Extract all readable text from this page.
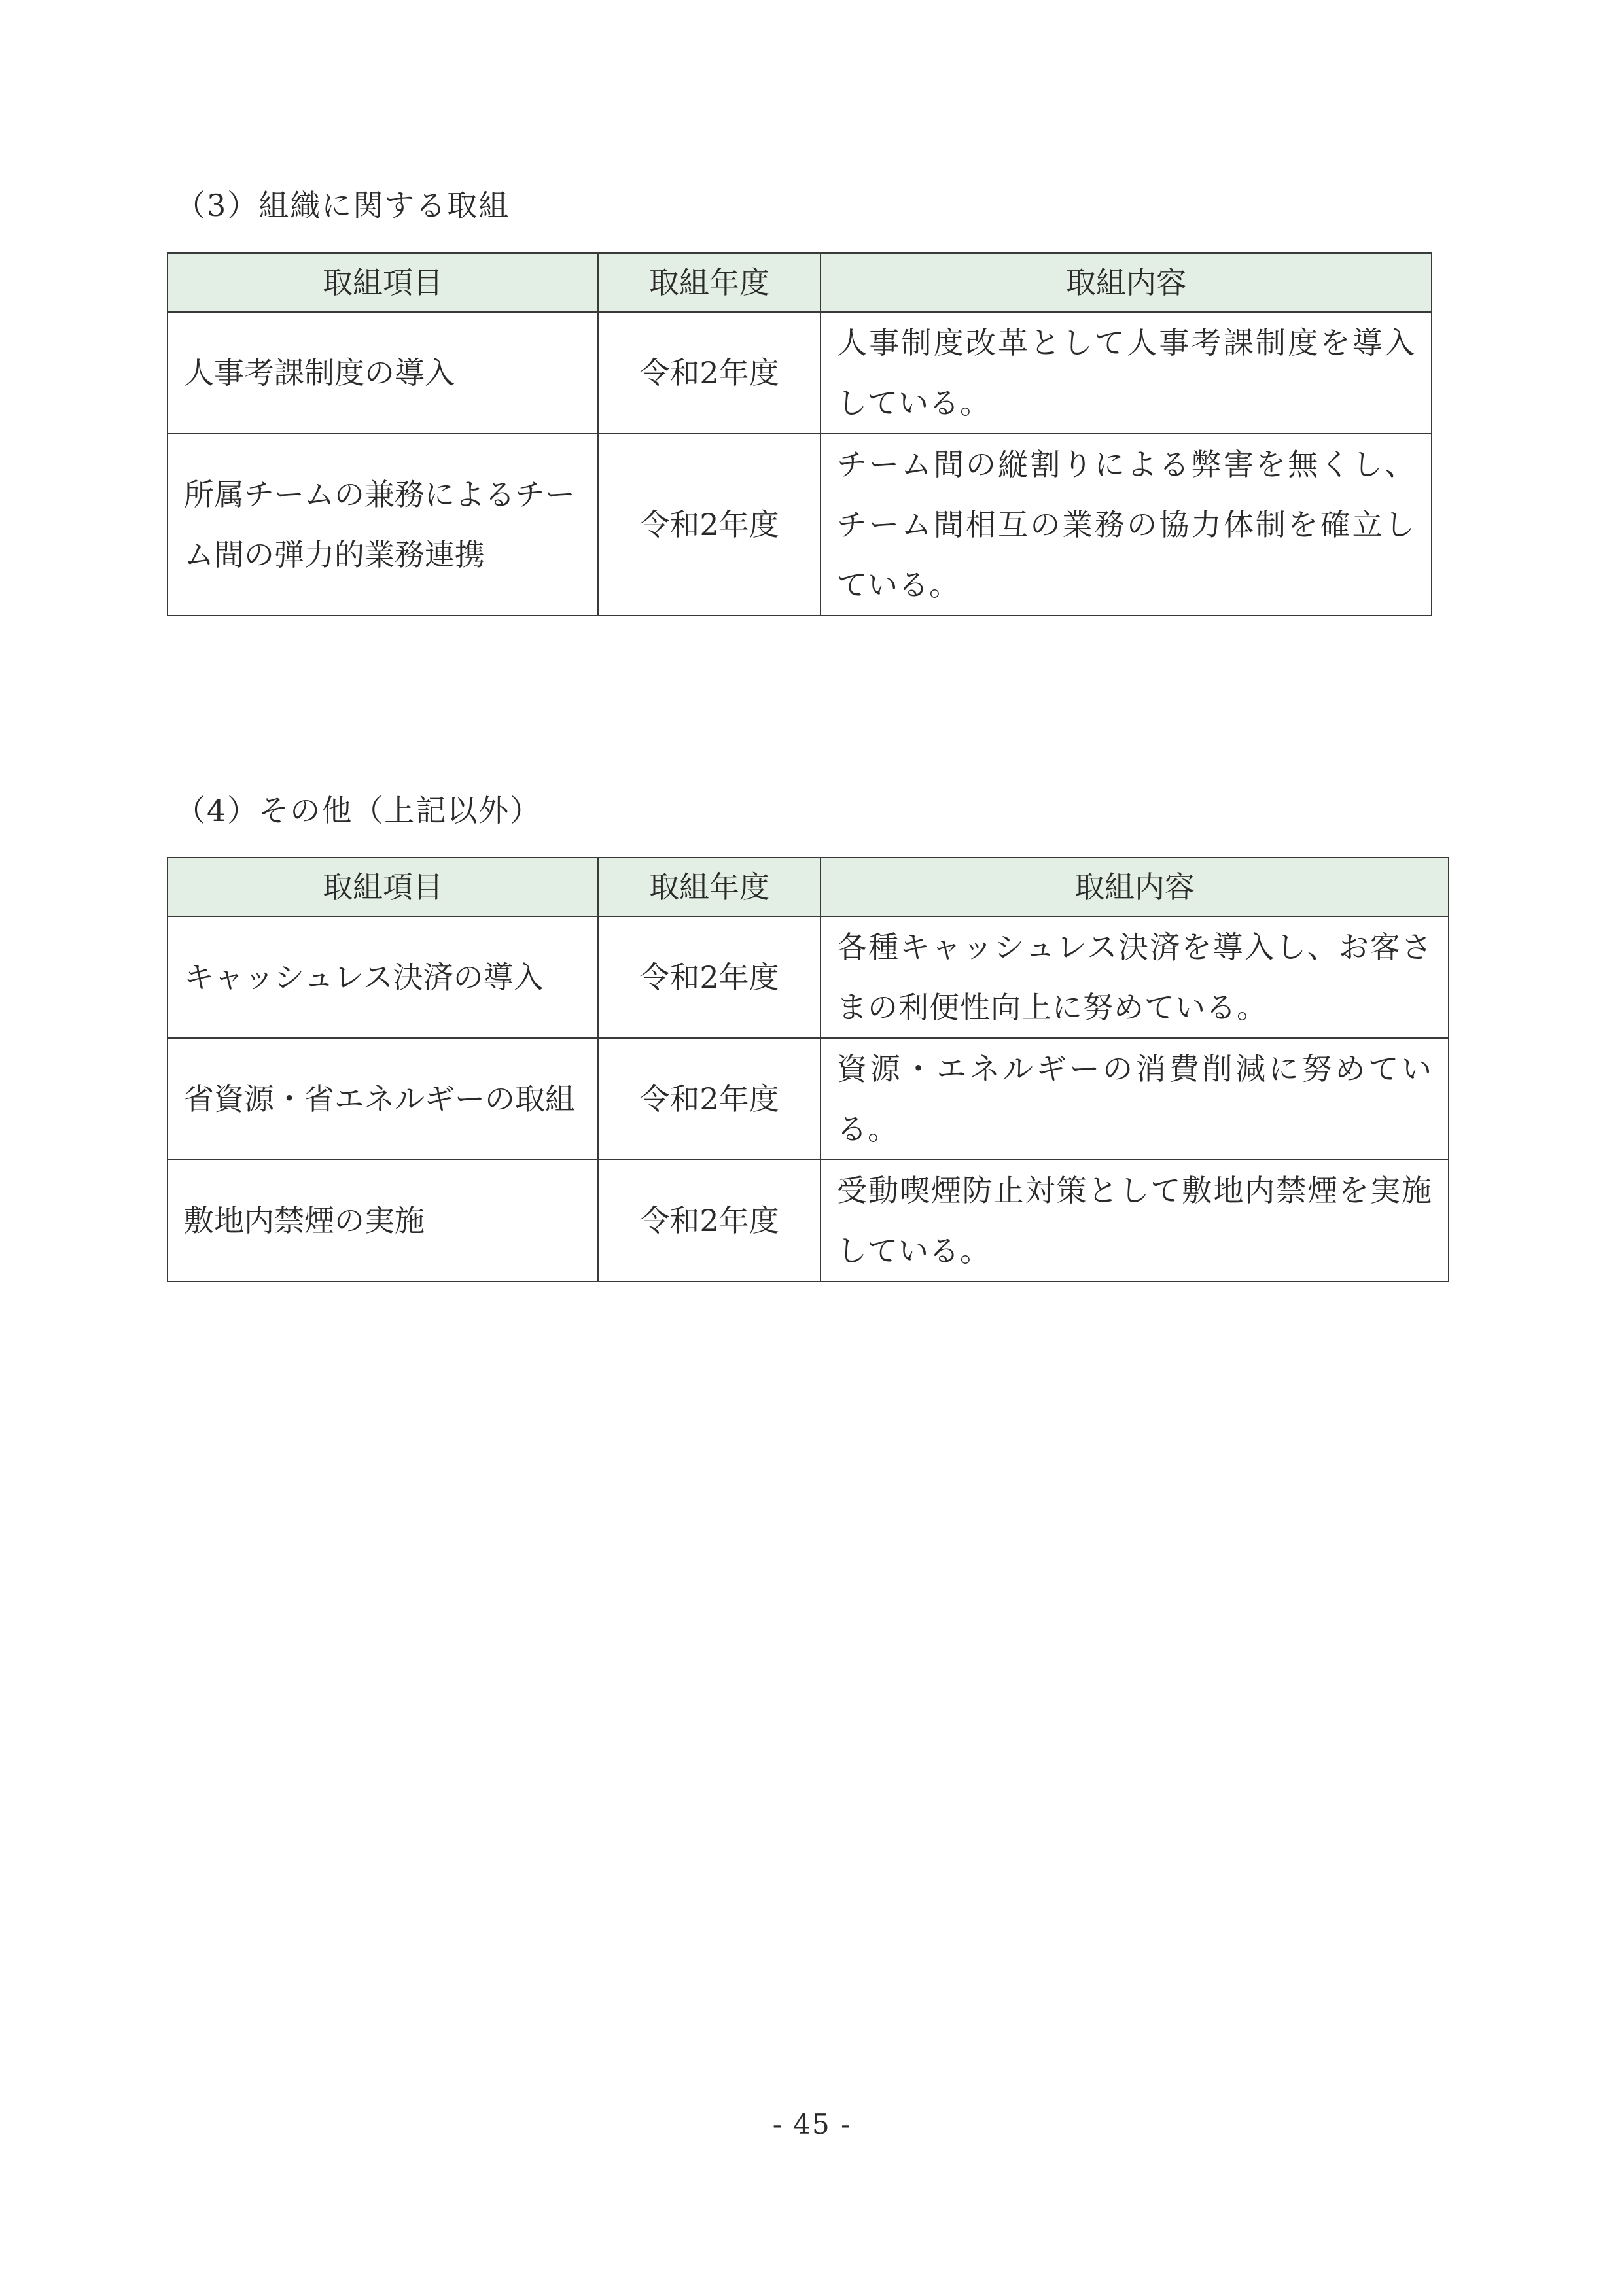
（3）組織に関する取組
取組項目	取組年度	取組内容
人事考課制度の導入	令和2年度	人事制度改革として人事考課制度を導入している。
所属チームの兼務によるチーム間の弾力的業務連携	令和2年度	チーム間の縦割りによる弊害を無くし、チーム間相互の業務の協力体制を確立している。
（4）その他（上記以外）
取組項目	取組年度	取組内容
キャッシュレス決済の導入	令和2年度	各種キャッシュレス決済を導入し、お客さまの利便性向上に努めている。
省資源・省エネルギーの取組	令和2年度	資源・エネルギーの消費削減に努めている。
敷地内禁煙の実施	令和2年度	受動喫煙防止対策として敷地内禁煙を実施している。
- 45 -
